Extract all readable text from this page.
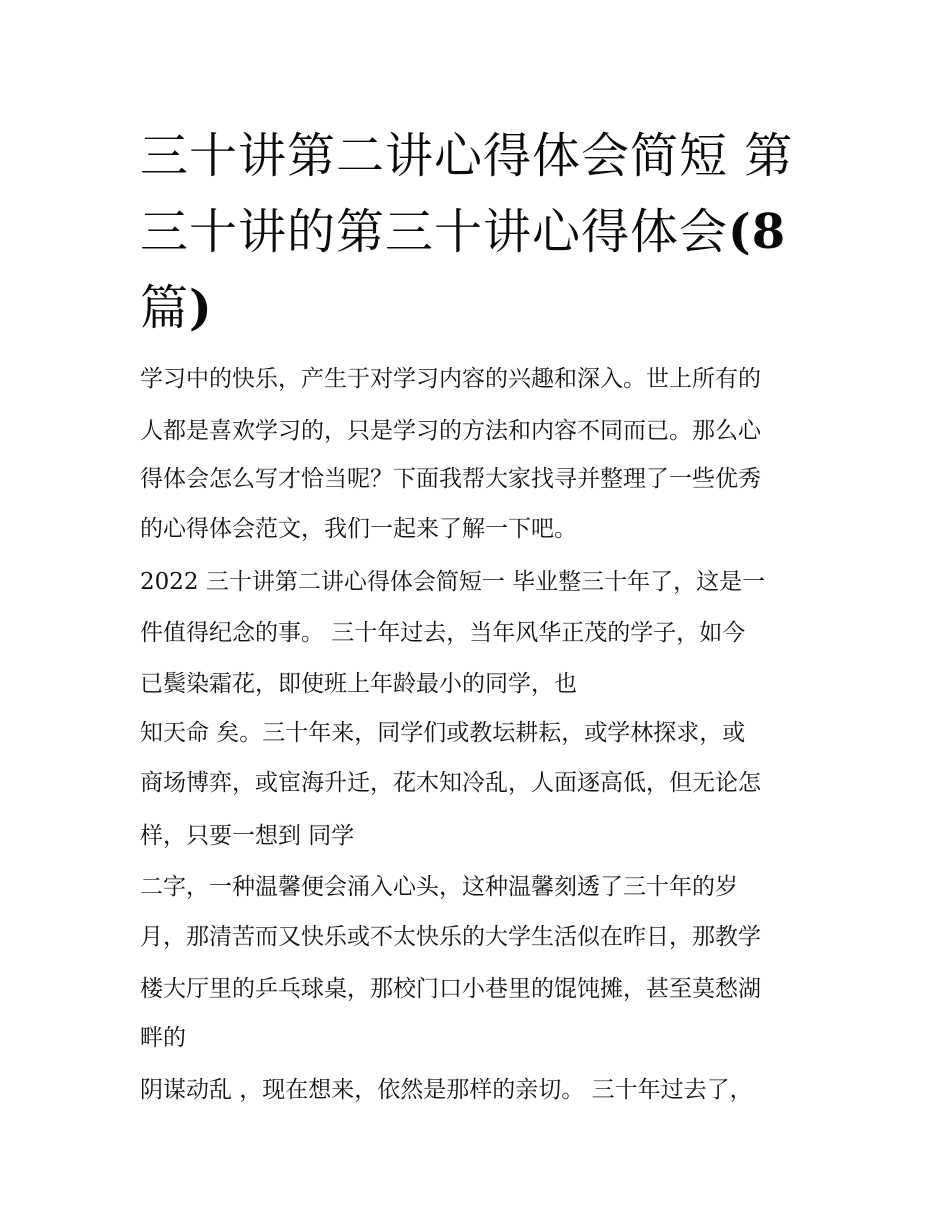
三十讲第二讲心得体会简短 第
三十讲的第三十讲心得体会(8
篇)
学习中的快乐，产生于对学习内容的兴趣和深入。世上所有的
人都是喜欢学习的，只是学习的方法和内容不同而已。那么心
得体会怎么写才恰当呢？下面我帮大家找寻并整理了一些优秀
的心得体会范文，我们一起来了解一下吧。
2022 三十讲第二讲心得体会简短一 毕业整三十年了，这是一
件值得纪念的事。 三十年过去，当年风华正茂的学子，如今
已鬓染霜花，即使班上年龄最小的同学，也
知天命 矣。三十年来，同学们或教坛耕耘，或学林探求，或
商场博弈，或宦海升迁，花木知冷乱，人面逐高低，但无论怎
样，只要一想到 同学
二字，一种温馨便会涌入心头，这种温馨刻透了三十年的岁
月，那清苦而又快乐或不太快乐的大学生活似在昨日，那教学
楼大厅里的乒乓球桌，那校门口小巷里的馄饨摊，甚至莫愁湖
畔的
阴谋动乱 ，现在想来，依然是那样的亲切。 三十年过去了，
